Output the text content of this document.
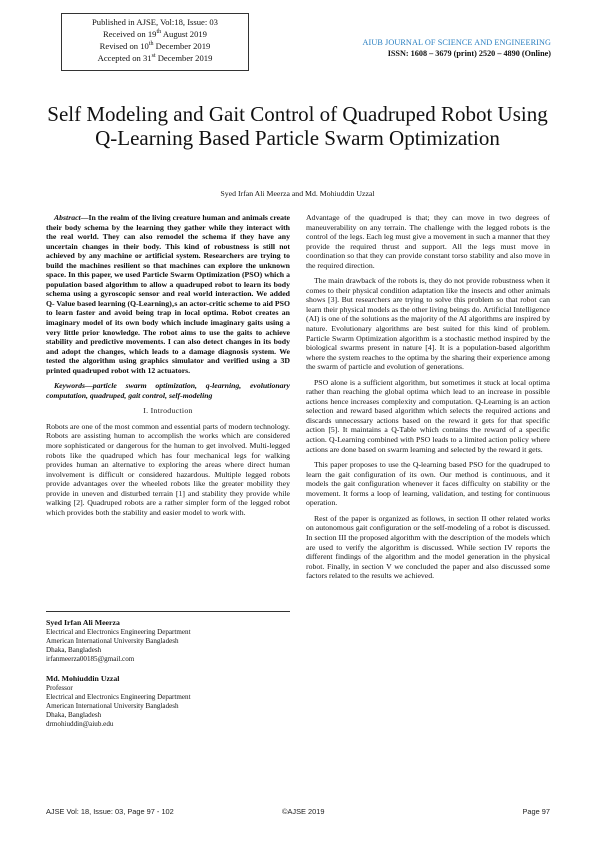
Published in AJSE, Vol:18, Issue: 03
Received on 19th August 2019
Revised on 10th December 2019
Accepted on 31st December 2019
AIUB JOURNAL OF SCIENCE AND ENGINEERING
ISSN: 1608 – 3679 (print) 2520 – 4890 (Online)
Self Modeling and Gait Control of Quadruped Robot Using Q-Learning Based Particle Swarm Optimization
Syed Irfan Ali Meerza and Md. Mohiuddin Uzzal

Abstract—In the realm of the living creature human and animals create their body schema by the learning they gather while they interact with the real world. They can also remodel the schema if they have any uncertain changes in their body. This kind of robustness is still not achieved by any machine or artificial system. Researchers are trying to build the machines resilient so that machines can explore the unknown space. In this paper, we used Particle Swarm Optimization (PSO) which a population based algorithm to allow a quadruped robot to learn its body schema using a gyroscopic sensor and real world interaction. We added Q- Value based learning (Q-Learning)‚s an actor-critic scheme to aid PSO to learn faster and avoid being trap in local optima. Robot creates an imaginary model of its own body which include imaginary gaits using a very little prior knowledge. The robot aims to use the gaits to achieve stability and predictive movements. I can also detect changes in its body and adopt the changes, which leads to a damage diagnosis system. We tested the algorithm using graphics simulator and verified using a 3D printed quadruped robot with 12 actuators.

Keywords—particle swarm optimization, q-learning, evolutionary computation, quadruped, gait control, self-modeling

I. Introduction

Robots are one of the most common and essential parts of modern technology. Robots are assisting human to accomplish the works which are considered more sophisticated or dangerous for the human to get involved. Multi-legged robots like the quadruped which has four mechanical legs for walking provides human an alternative to exploring the areas where direct human involvement is difficult or considered hazardous. Multiple legged robots provide advantages over the wheeled robots like the greater mobility they provide in uneven and disturbed terrain [1] and stability they provide while walking [2]. Quadruped robots are a rather simpler form of the legged robot which provides both the stability and easier model to work with.

Syed Irfan Ali Meerza
Electrical and Electronics Engineering Department
American International University Bangladesh
Dhaka, Bangladesh
irfanmeerza00185@gmail.com
Md. Mohiuddin Uzzal
Professor
Electrical and Electronics Engineering Department
American International University Bangladesh
Dhaka, Bangladesh
drmohiuddin@aiub.edu

Advantage of the quadruped is that; they can move in two degrees of maneuverability on any terrain. The challenge with the legged robots is the control of the legs. Each leg must give a movement in such a manner that they provide the required thrust and support. All the legs must move in coordination so that they can provide constant torso stability and also move in the required direction.

The main drawback of the robots is, they do not provide robustness when it comes to their physical condition adaptation like the insects and other animals shows [3]. But researchers are trying to solve this problem so that robot can learn their physical models as the other living beings do. Artificial Intelligence (AI) is one of the solutions as the majority of the AI algorithms are inspired by nature. Evolutionary algorithms are best suited for this kind of problem. Particle Swarm Optimization algorithm is a stochastic method inspired by the biological swarms present in nature [4]. It is a population-based algorithm where the system reaches to the optima by the sharing their experience among the swarm of particle and evolution of generations.

PSO alone is a sufficient algorithm, but sometimes it stuck at local optima rather than reaching the global optima which lead to an increase in possible actions hence increases complexity and computation. Q-Learning is an action selection and reward based algorithm which selects the required actions and discards unnecessary actions based on the reward it gets for that specific action [5]. It maintains a Q-Table which contains the reward of a specific action. Q-Learning combined with PSO leads to a limited action policy where actions are done based on swarm learning and selected by the reward it gets.

This paper proposes to use the Q-learning based PSO for the quadruped to learn the gait configuration of its own. Our method is continuous, and it models the gait configuration whenever it faces difficulty on stability or the movement. It forms a loop of learning, validation, and testing for continuous operation.

Rest of the paper is organized as follows, in section II other related works on autonomous gait configuration or the self-modeling of a robot is discussed. In section III the proposed algorithm with the description of the models which are used to verify the algorithm is discussed. While section IV reports the different findings of the algorithm and the model generation in the physical robot. Finally, in section V we concluded the paper and also discussed some factors related to the results we achieved.

AJSE Vol: 18, Issue: 03, Page 97 - 102	©AJSE 2019	Page 97
